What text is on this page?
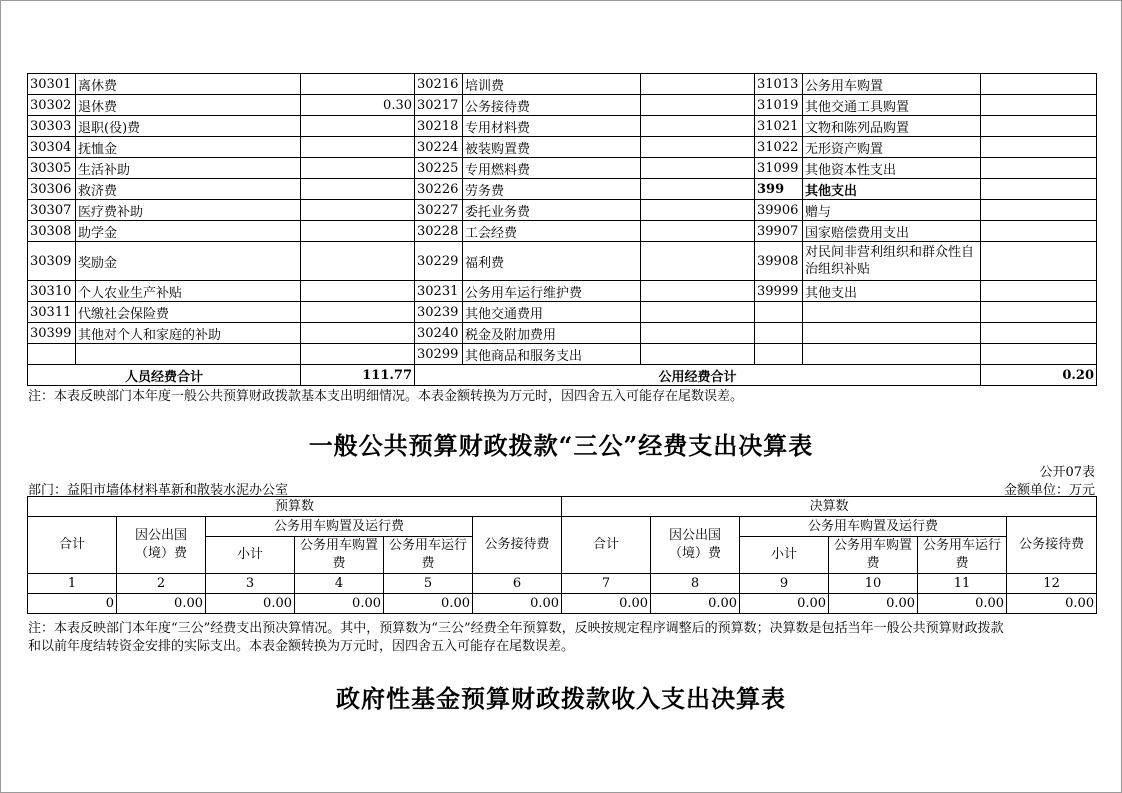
30301	离休费		30216	培训费		31013	公务用车购置	
30302	退休费	0.30	30217	公务接待费		31019	其他交通工具购置	
30303	退职(役)费		30218	专用材料费		31021	文物和陈列品购置	
30304	抚恤金		30224	被装购置费		31022	无形资产购置	
30305	生活补助		30225	专用燃料费		31099	其他资本性支出	
30306	救济费		30226	劳务费		399	其他支出	
30307	医疗费补助		30227	委托业务费		39906	赠与	
30308	助学金		30228	工会经费		39907	国家赔偿费用支出	
30309	奖励金		30229	福利费		39908	对民间非营利组织和群众性自治组织补贴	
30310	个人农业生产补贴		30231	公务用车运行维护费		39999	其他支出	
30311	代缴社会保险费		30239	其他交通费用				
30399	其他对个人和家庭的补助		30240	税金及附加费用				
			30299	其他商品和服务支出				
人员经费合计		111.77	公用经费合计					0.20
注：本表反映部门本年度一般公共预算财政拨款基本支出明细情况。本表金额转换为万元时，因四舍五入可能存在尾数误差。
一般公共预算财政拨款“三公”经费支出决算表
公开07表
部门：益阳市墙体材料革新和散装水泥办公室	金额单位：万元
预算数						决算数					
合计	因公出国（境）费	公务用车购置及运行费			公务接待费	合计	因公出国（境）费	公务用车购置及运行费			公务接待费
		小计	公务用车购置费	公务用车运行费				小计	公务用车购置费	公务用车运行费	
1	2	3	4	5	6	7	8	9	10	11	12
0	0.00	0.00	0.00	0.00	0.00	0.00	0.00	0.00	0.00	0.00	0.00
注：本表反映部门本年度“三公”经费支出预决算情况。其中，预算数为“三公”经费全年预算数，反映按规定程序调整后的预算数；决算数是包括当年一般公共预算财政拨款
和以前年度结转资金安排的实际支出。本表金额转换为万元时，因四舍五入可能存在尾数误差。
政府性基金预算财政拨款收入支出决算表
